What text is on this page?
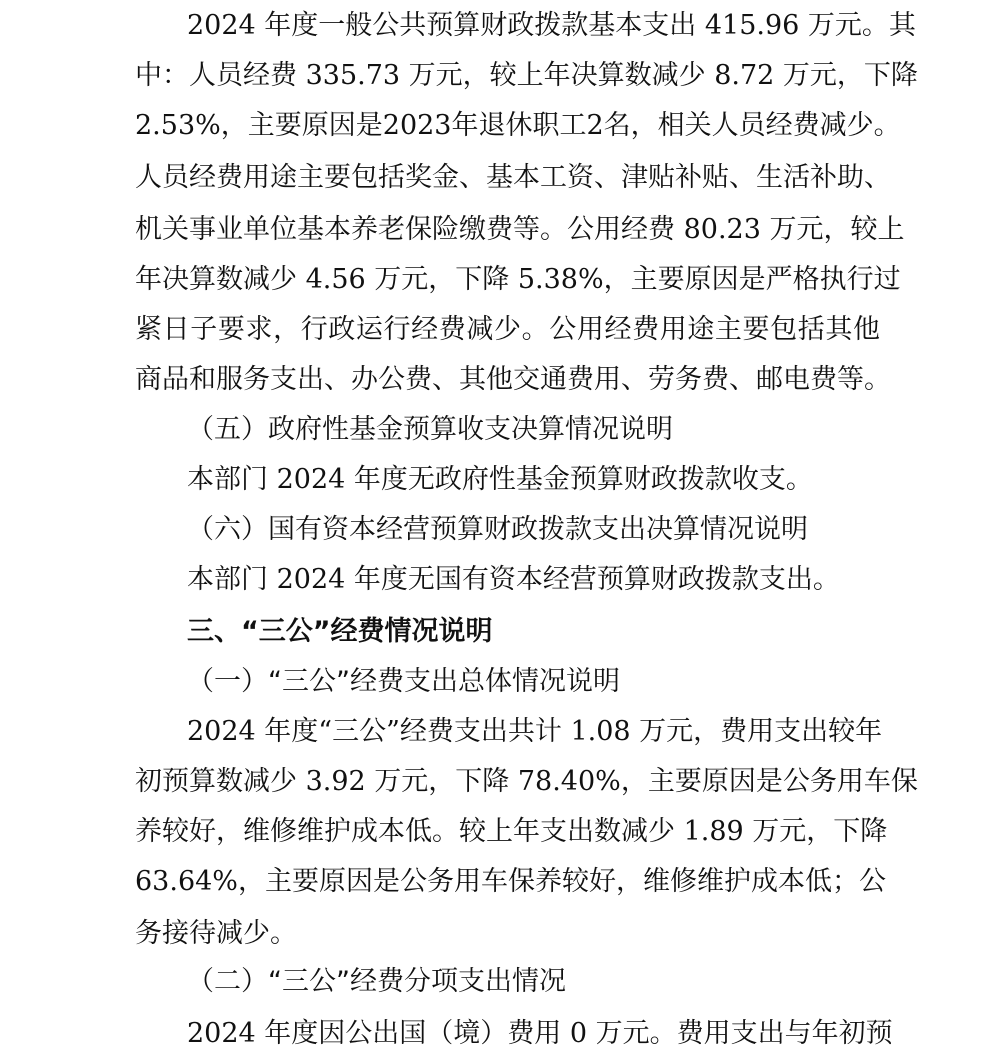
2024 年度一般公共预算财政拨款基本支出 415.96 万元。其
中：人员经费 335.73 万元，较上年决算数减少 8.72 万元，下降
2.53%，主要原因是2023年退休职工2名，相关人员经费减少。
人员经费用途主要包括奖金、基本工资、津贴补贴、生活补助、
机关事业单位基本养老保险缴费等。公用经费 80.23 万元，较上
年决算数减少 4.56 万元，下降 5.38%，主要原因是严格执行过
紧日子要求，行政运行经费减少。公用经费用途主要包括其他
商品和服务支出、办公费、其他交通费用、劳务费、邮电费等。
（五）政府性基金预算收支决算情况说明
本部门 2024 年度无政府性基金预算财政拨款收支。
（六）国有资本经营预算财政拨款支出决算情况说明
本部门 2024 年度无国有资本经营预算财政拨款支出。
三、“三公”经费情况说明
（一）“三公”经费支出总体情况说明
2024 年度“三公”经费支出共计 1.08 万元，费用支出较年
初预算数减少 3.92 万元，下降 78.40%，主要原因是公务用车保
养较好，维修维护成本低。较上年支出数减少 1.89 万元，下降
63.64%，主要原因是公务用车保养较好，维修维护成本低；公
务接待减少。
（二）“三公”经费分项支出情况
2024 年度因公出国（境）费用 0 万元。费用支出与年初预
